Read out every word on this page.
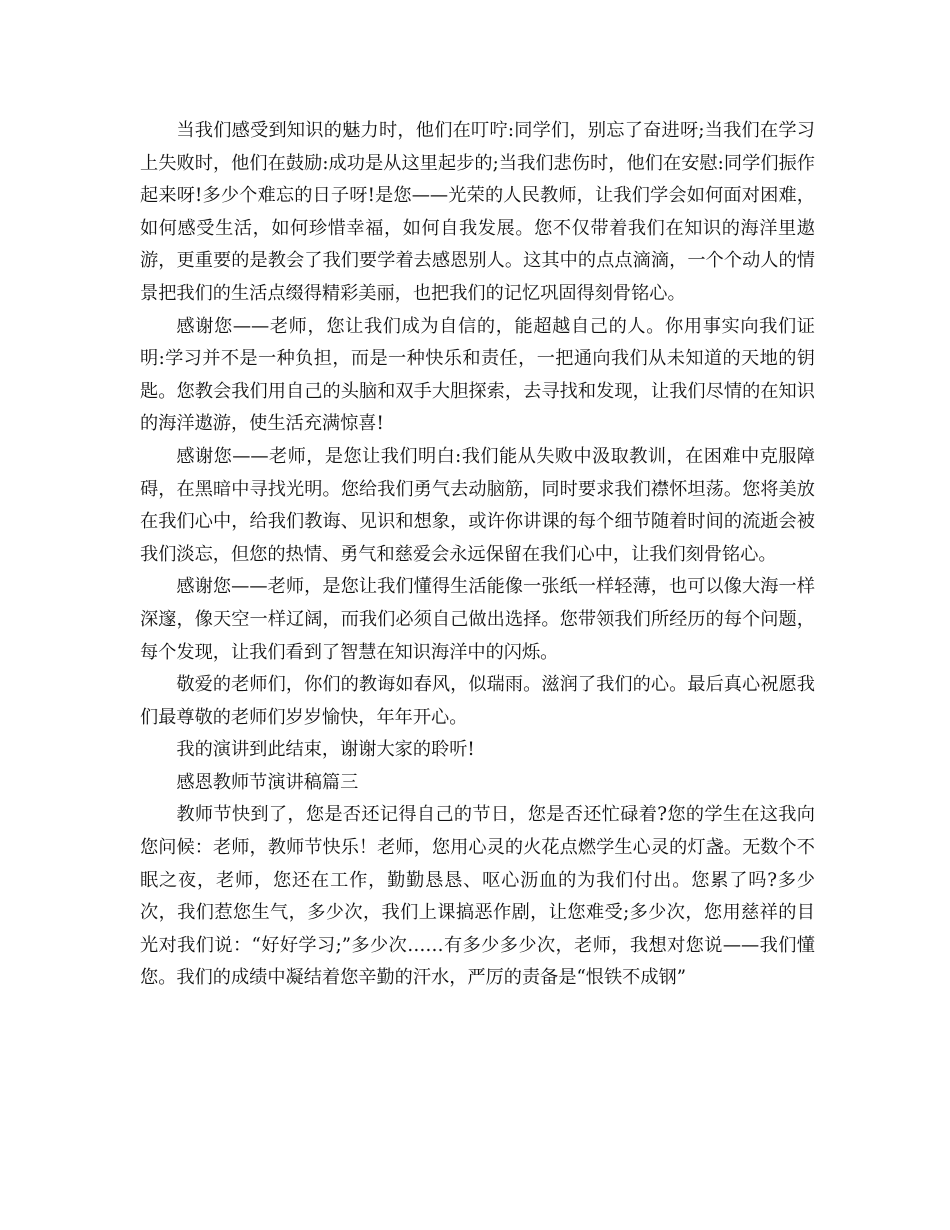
当我们感受到知识的魅力时，他们在叮咛:同学们，别忘了奋进呀;当我们在学习上失败时，他们在鼓励:成功是从这里起步的;当我们悲伤时，他们在安慰:同学们振作起来呀!多少个难忘的日子呀!是您——光荣的人民教师，让我们学会如何面对困难，如何感受生活，如何珍惜幸福，如何自我发展。您不仅带着我们在知识的海洋里遨游，更重要的是教会了我们要学着去感恩别人。这其中的点点滴滴，一个个动人的情景把我们的生活点缀得精彩美丽，也把我们的记忆巩固得刻骨铭心。

感谢您——老师，您让我们成为自信的，能超越自己的人。你用事实向我们证明:学习并不是一种负担，而是一种快乐和责任，一把通向我们从未知道的天地的钥匙。您教会我们用自己的头脑和双手大胆探索，去寻找和发现，让我们尽情的在知识的海洋遨游，使生活充满惊喜!

感谢您——老师，是您让我们明白:我们能从失败中汲取教训，在困难中克服障碍，在黑暗中寻找光明。您给我们勇气去动脑筋，同时要求我们襟怀坦荡。您将美放在我们心中，给我们教诲、见识和想象，或许你讲课的每个细节随着时间的流逝会被我们淡忘，但您的热情、勇气和慈爱会永远保留在我们心中，让我们刻骨铭心。

感谢您——老师，是您让我们懂得生活能像一张纸一样轻薄，也可以像大海一样深邃，像天空一样辽阔，而我们必须自己做出选择。您带领我们所经历的每个问题，每个发现，让我们看到了智慧在知识海洋中的闪烁。

敬爱的老师们，你们的教诲如春风，似瑞雨。滋润了我们的心。最后真心祝愿我们最尊敬的老师们岁岁愉快，年年开心。

我的演讲到此结束，谢谢大家的聆听!

感恩教师节演讲稿篇三

教师节快到了，您是否还记得自己的节日，您是否还忙碌着?您的学生在这我向您问候：老师，教师节快乐！老师，您用心灵的火花点燃学生心灵的灯盏。无数个不眠之夜，老师，您还在工作，勤勤恳恳、呕心沥血的为我们付出。您累了吗?多少次，我们惹您生气，多少次，我们上课搞恶作剧，让您难受;多少次，您用慈祥的目光对我们说：“好好学习;”多少次……有多少多少次，老师，我想对您说——我们懂您。我们的成绩中凝结着您辛勤的汗水，严厉的责备是“恨铁不成钢”
